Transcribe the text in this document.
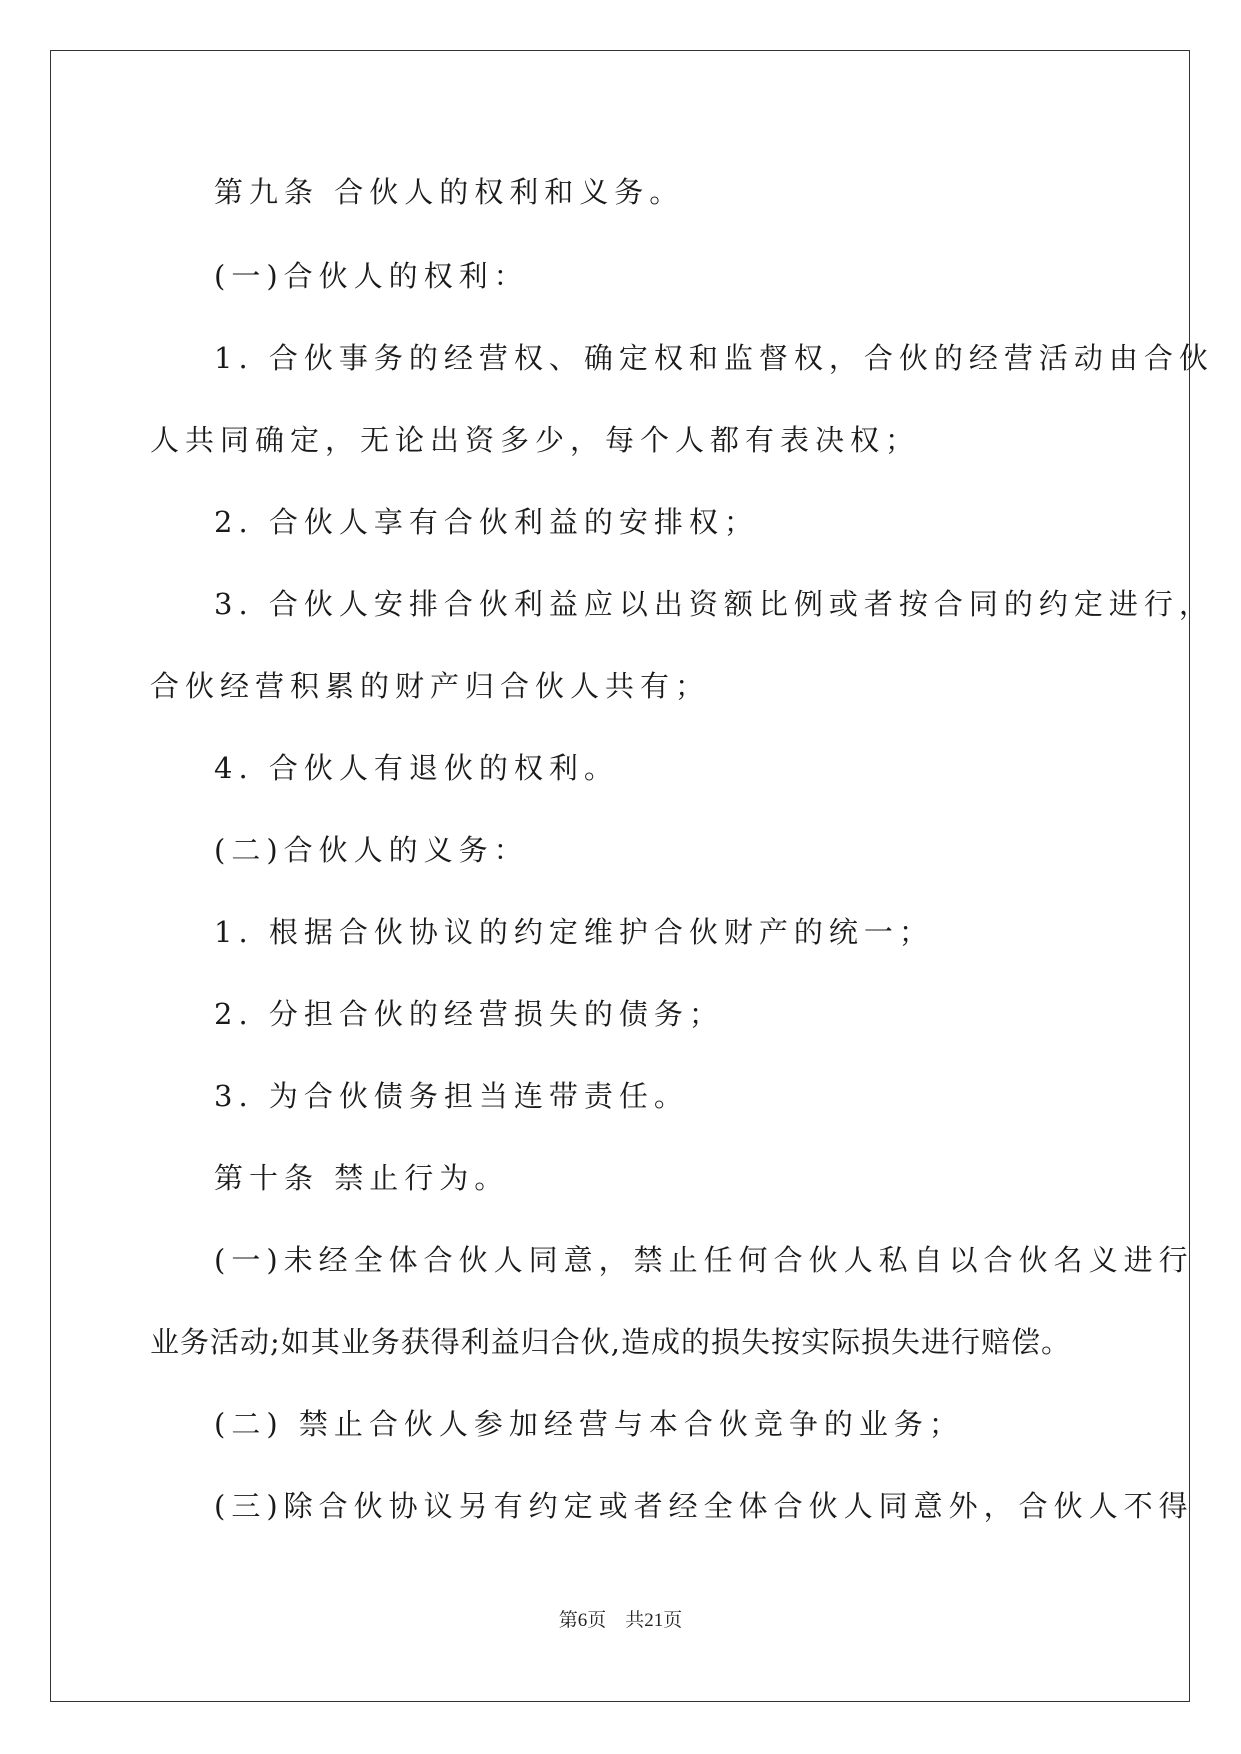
第九条 合伙人的权利和义务。
(一)合伙人的权利：
1. 合伙事务的经营权、确定权和监督权，合伙的经营活动由合伙
人共同确定，无论出资多少，每个人都有表决权；
2. 合伙人享有合伙利益的安排权；
3. 合伙人安排合伙利益应以出资额比例或者按合同的约定进行，
合伙经营积累的财产归合伙人共有；
4. 合伙人有退伙的权利。
(二)合伙人的义务：
1. 根据合伙协议的约定维护合伙财产的统一；
2. 分担合伙的经营损失的债务；
3. 为合伙债务担当连带责任。
第十条 禁止行为。
(一)未经全体合伙人同意，禁止任何合伙人私自以合伙名义进行
业务活动;如其业务获得利益归合伙,造成的损失按实际损失进行赔偿。
(二) 禁止合伙人参加经营与本合伙竞争的业务；
(三)除合伙协议另有约定或者经全体合伙人同意外，合伙人不得
第6页 共21页
